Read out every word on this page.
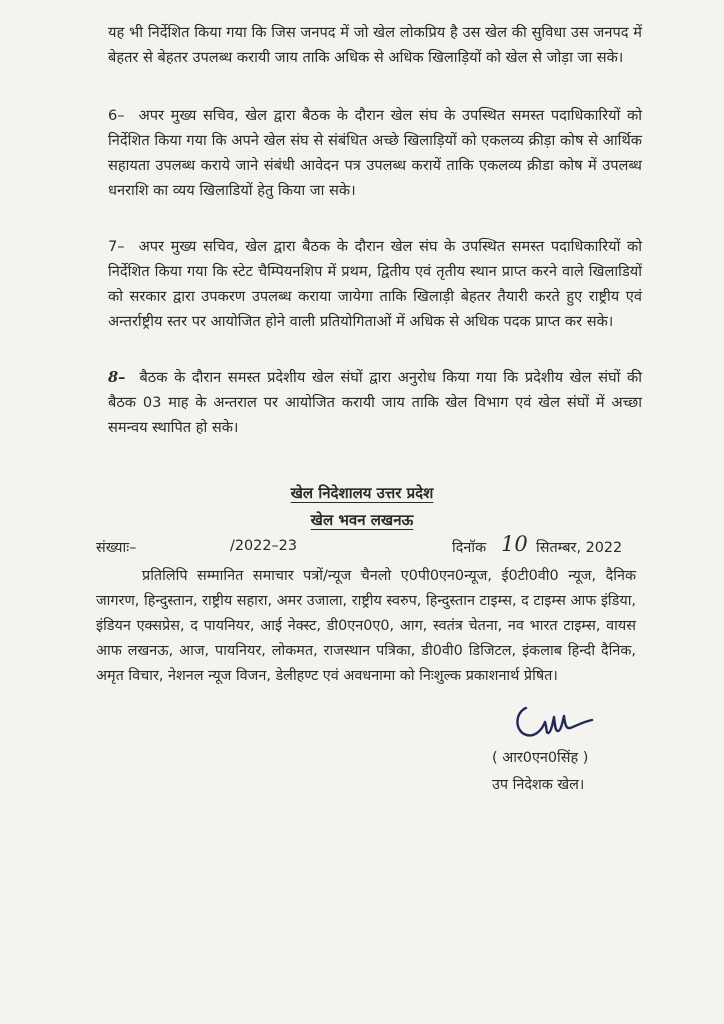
यह भी निर्देशित किया गया कि जिस जनपद में जो खेल लोकप्रिय है उस खेल की सुविधा उस जनपद में बेहतर से बेहतर उपलब्ध करायी जाय ताकि अधिक से अधिक खिलाड़ियों को खेल से जोड़ा जा सके।

6– अपर मुख्य सचिव, खेल द्वारा बैठक के दौरान खेल संघ के उपस्थित समस्त पदाधिकारियों को निर्देशित किया गया कि अपने खेल संघ से संबंधित अच्छे खिलाड़ियों को एकलव्य क्रीड़ा कोष से आर्थिक सहायता उपलब्ध कराये जाने संबंधी आवेदन पत्र उपलब्ध करायें ताकि एकलव्य क्रीडा कोष में उपलब्ध धनराशि का व्यय खिलाडियों हेतु किया जा सके।

7– अपर मुख्य सचिव, खेल द्वारा बैठक के दौरान खेल संघ के उपस्थित समस्त पदाधिकारियों को निर्देशित किया गया कि स्टेट चैम्पियनशिप में प्रथम, द्वितीय एवं तृतीय स्थान प्राप्त करने वाले खिलाडियों को सरकार द्वारा उपकरण उपलब्ध कराया जायेगा ताकि खिलाड़ी बेहतर तैयारी करते हुए राष्ट्रीय एवं अन्तर्राष्ट्रीय स्तर पर आयोजित होने वाली प्रतियोगिताओं में अधिक से अधिक पदक प्राप्त कर सके।

8– बैठक के दौरान समस्त प्रदेशीय खेल संघों द्वारा अनुरोध किया गया कि प्रदेशीय खेल संघों की बैठक 03 माह के अन्तराल पर आयोजित करायी जाय ताकि खेल विभाग एवं खेल संघों में अच्छा समन्वय स्थापित हो सके।

खेल निदेशालय उत्तर प्रदेश
खेल भवन लखनऊ
संख्याः–	/2022–23	दिनॉक 10 सितम्बर, 2022

प्रतिलिपि सम्मानित समाचार पत्रों/न्यूज चैनलो ए0पी0एन0न्यूज, ई0टी0वी0 न्यूज, दैनिक जागरण, हिन्दुस्तान, राष्ट्रीय सहारा, अमर उजाला, राष्ट्रीय स्वरुप, हिन्दुस्तान टाइम्स, द टाइम्स आफ इंडिया, इंडियन एक्सप्रेस, द पायनियर, आई नेक्स्ट, डी0एन0ए0, आग, स्वतंत्र चेतना, नव भारत टाइम्स, वायस आफ लखनऊ, आज, पायनियर, लोकमत, राजस्थान पत्रिका, डी0वी0 डिजिटल, इंकलाब हिन्दी दैनिक, अमृत विचार, नेशनल न्यूज विजन, डेलीहण्ट एवं अवधनामा को निःशुल्क प्रकाशनार्थ प्रेषित।

( आर0एन0सिंह )
उप निदेशक खेल।
